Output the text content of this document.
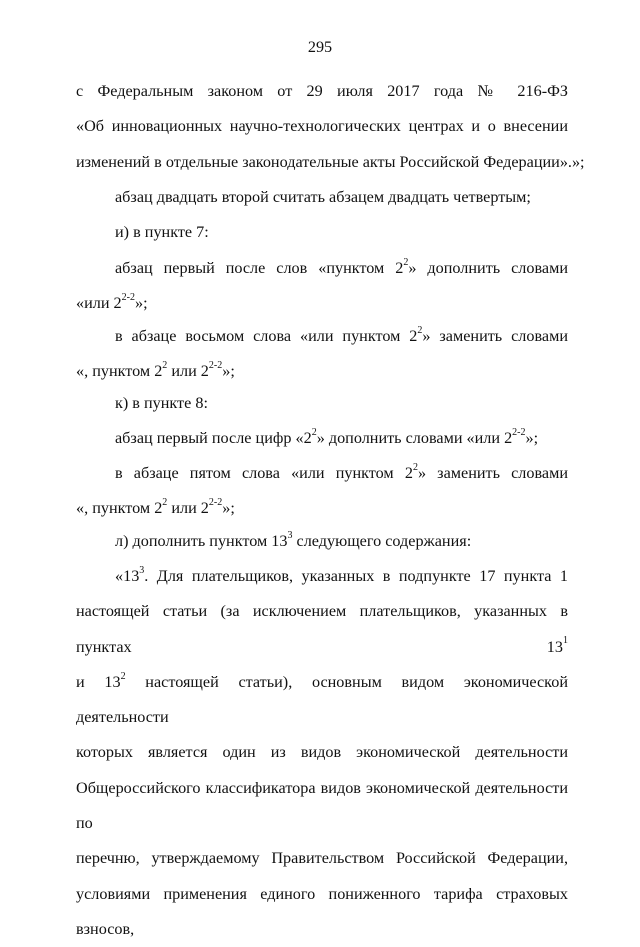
295
с Федеральным законом от 29 июля 2017 года № 216-ФЗ
«Об инновационных научно-технологических центрах и о внесении
изменений в отдельные законодательные акты Российской Федерации».»;
абзац двадцать второй считать абзацем двадцать четвертым;
и) в пункте 7:
абзац первый после слов «пунктом $2^2$» дополнить словами
«или 2$^{2-2}$»;
в абзаце восьмом слова «или пунктом $2^2$» заменить словами
«, пунктом $2^2$ или 2$^{2-2}$»;
к) в пункте 8:
абзац первый после цифр «$2^2$» дополнить словами «или 2$^{2-2}$»;
в абзаце пятом слова «или пунктом $2^2$» заменить словами
«, пунктом $2^2$ или 2$^{2-2}$»;
л) дополнить пунктом $13^3$ следующего содержания:
«$13^3$. Для плательщиков, указанных в подпункте 17 пункта 1
настоящей статьи (за исключением плательщиков, указанных в пунктах $13^1$
и $13^2$ настоящей статьи), основным видом экономической деятельности
которых является один из видов экономической деятельности
Общероссийского классификатора видов экономической деятельности по
перечню, утверждаемому Правительством Российской Федерации,
условиями применения единого пониженного тарифа страховых взносов,
